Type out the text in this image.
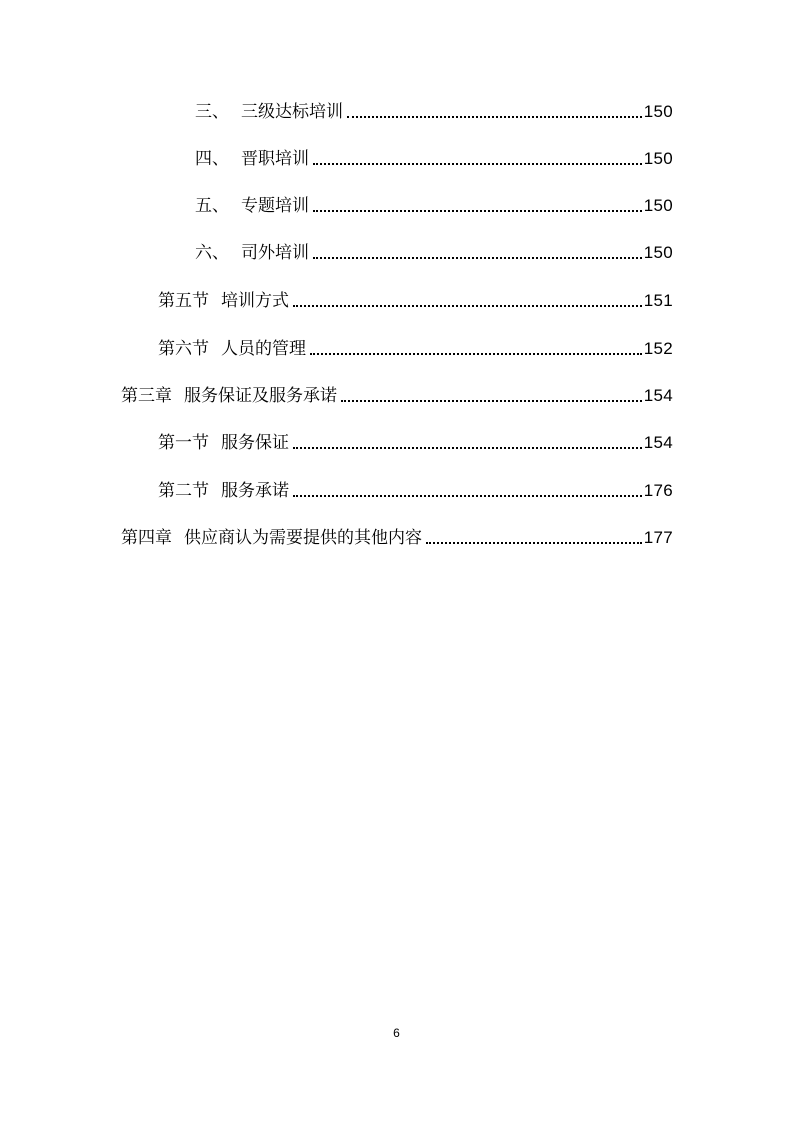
三、 三级达标培训	150
四、 晋职培训	150
五、 专题培训	150
六、 司外培训	150
第五节 培训方式	151
第六节 人员的管理	152
第三章 服务保证及服务承诺	154
第一节 服务保证	154
第二节 服务承诺	176
第四章 供应商认为需要提供的其他内容	177
6
